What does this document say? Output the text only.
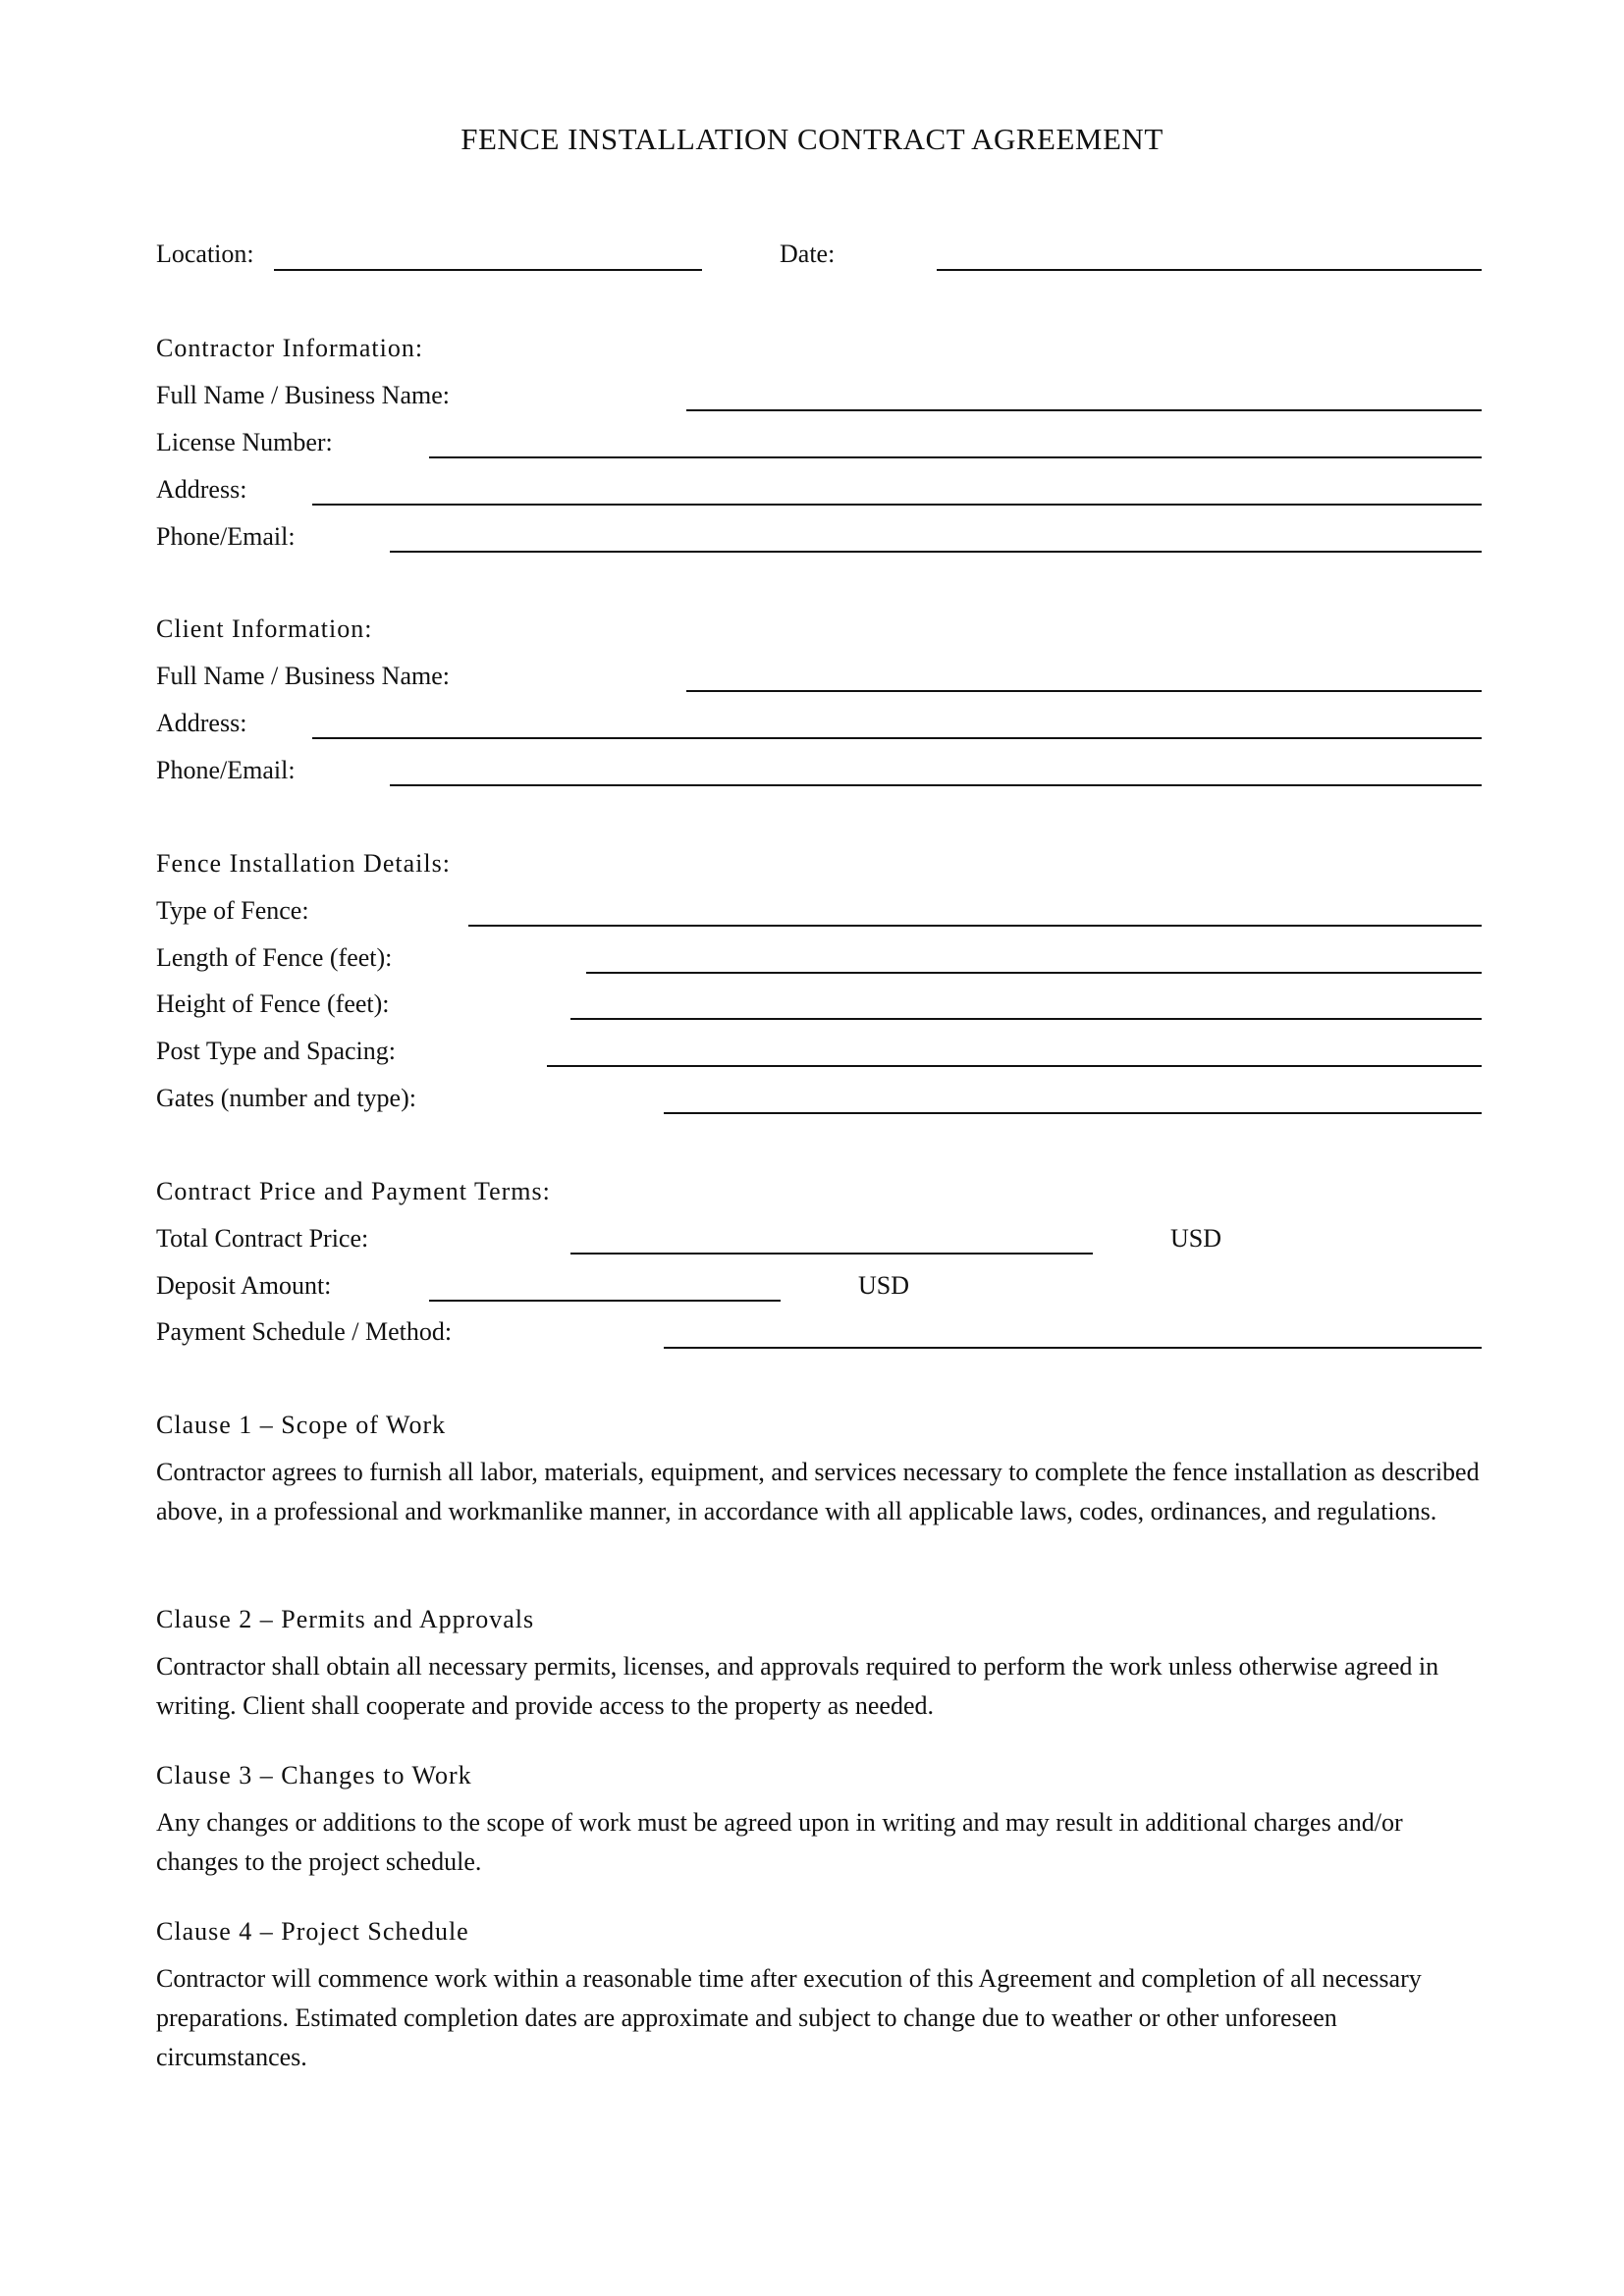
FENCE INSTALLATION CONTRACT AGREEMENT
Location:	Date:
Contractor Information:
Full Name / Business Name:
License Number:
Address:
Phone/Email:
Client Information:
Full Name / Business Name:
Address:
Phone/Email:
Fence Installation Details:
Type of Fence:
Length of Fence (feet):
Height of Fence (feet):
Post Type and Spacing:
Gates (number and type):
Contract Price and Payment Terms:
Total Contract Price:	USD
Deposit Amount:	USD
Payment Schedule / Method:
Clause 1 – Scope of Work
Contractor agrees to furnish all labor, materials, equipment, and services necessary to complete the fence installation as described above, in a professional and workmanlike manner, in accordance with all applicable laws, codes, ordinances, and regulations.
Clause 2 – Permits and Approvals
Contractor shall obtain all necessary permits, licenses, and approvals required to perform the work unless otherwise agreed in writing. Client shall cooperate and provide access to the property as needed.
Clause 3 – Changes to Work
Any changes or additions to the scope of work must be agreed upon in writing and may result in additional charges and/or changes to the project schedule.
Clause 4 – Project Schedule
Contractor will commence work within a reasonable time after execution of this Agreement and completion of all necessary preparations. Estimated completion dates are approximate and subject to change due to weather or other unforeseen circumstances.
